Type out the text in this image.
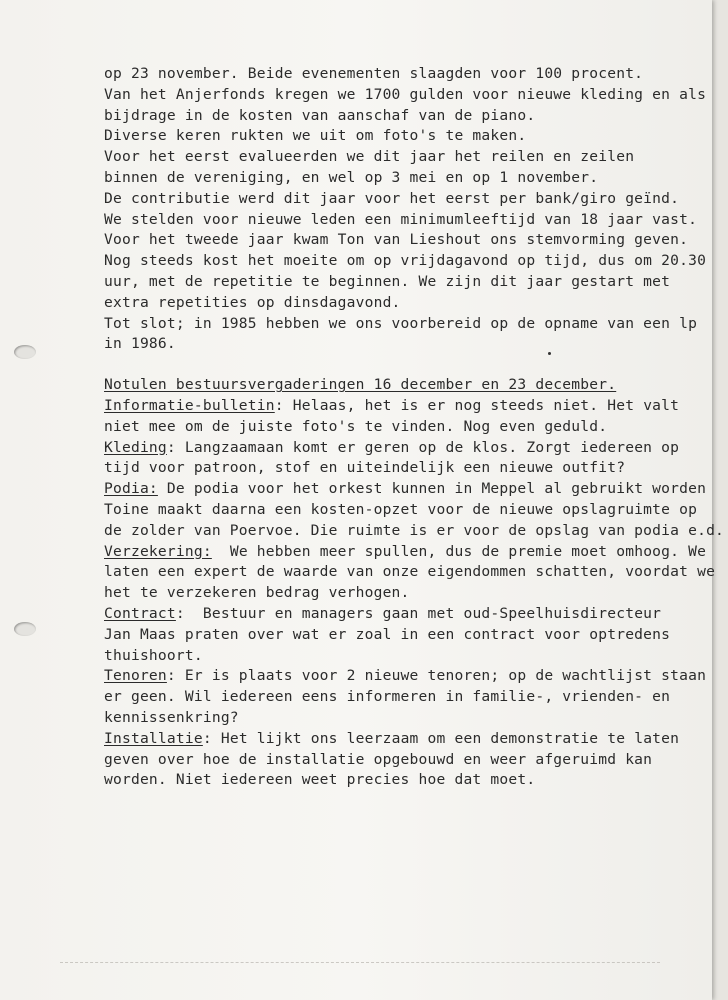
op 23 november. Beide evenementen slaagden voor 100 procent.
Van het Anjerfonds kregen we 1700 gulden voor nieuwe kleding en als
bijdrage in de kosten van aanschaf van de piano.
Diverse keren rukten we uit om foto's te maken.
Voor het eerst evalueerden we dit jaar het reilen en zeilen
binnen de vereniging, en wel op 3 mei en op 1 november.
De contributie werd dit jaar voor het eerst per bank/giro geïnd.
We stelden voor nieuwe leden een minimumleeftijd van 18 jaar vast.
Voor het tweede jaar kwam Ton van Lieshout ons stemvorming geven.
Nog steeds kost het moeite om op vrijdagavond op tijd, dus om 20.30
uur, met de repetitie te beginnen. We zijn dit jaar gestart met
extra repetities op dinsdagavond.
Tot slot; in 1985 hebben we ons voorbereid op de opname van een lp
in 1986.
Notulen bestuursvergaderingen 16 december en 23 december.
Informatie-bulletin: Helaas, het is er nog steeds niet. Het valt
niet mee om de juiste foto's te vinden. Nog even geduld.
Kleding: Langzaamaan komt er geren op de klos. Zorgt iedereen op
tijd voor patroon, stof en uiteindelijk een nieuwe outfit?
Podia: De podia voor het orkest kunnen in Meppel al gebruikt worden
Toine maakt daarna een kosten-opzet voor de nieuwe opslagruimte op
de zolder van Poervoe. Die ruimte is er voor de opslag van podia e.d.
Verzekering: We hebben meer spullen, dus de premie moet omhoog. We
laten een expert de waarde van onze eigendommen schatten, voordat we
het te verzekeren bedrag verhogen.
Contract:  Bestuur en managers gaan met oud-Speelhuisdirecteur
Jan Maas praten over wat er zoal in een contract voor optredens
thuishoort.
Tenoren: Er is plaats voor 2 nieuwe tenoren; op de wachtlijst staan
er geen. Wil iedereen eens informeren in familie-, vrienden- en
kennissenkring?
Installatie: Het lijkt ons leerzaam om een demonstratie te laten
geven over hoe de installatie opgebouwd en weer afgeruimd kan
worden. Niet iedereen weet precies hoe dat moet.
